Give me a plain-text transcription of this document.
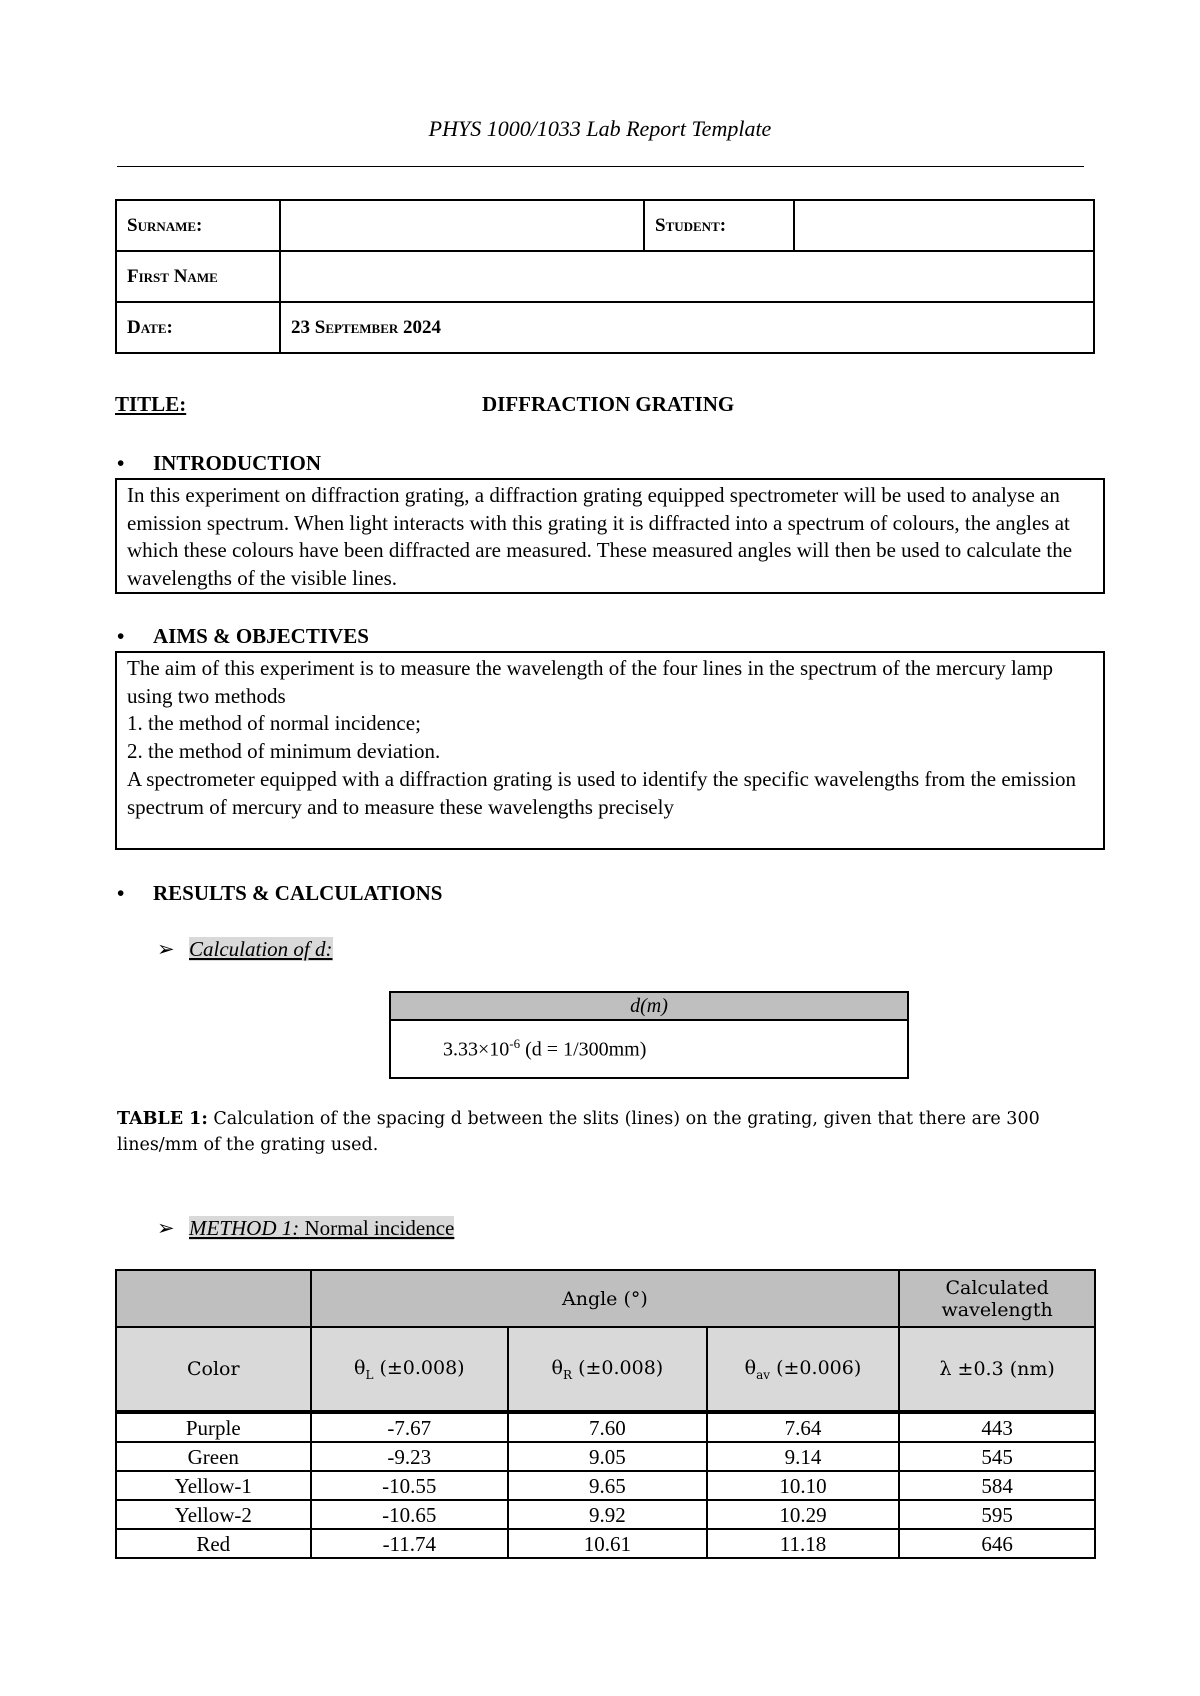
PHYS 1000/1033 Lab Report Template
Surname:		Student:	
First Name			
Date:	23 September 2024		
TITLE:	DIFFRACTION GRATING
• INTRODUCTION
In this experiment on diffraction grating, a diffraction grating equipped spectrometer will be used to analyse an emission spectrum. When light interacts with this grating it is diffracted into a spectrum of colours, the angles at which these colours have been diffracted are measured. These measured angles will then be used to calculate the wavelengths of the visible lines.
• AIMS & OBJECTIVES
The aim of this experiment is to measure the wavelength of the four lines in the spectrum of the mercury lamp using two methods
1. the method of normal incidence;
2. the method of minimum deviation.
A spectrometer equipped with a diffraction grating is used to identify the specific wavelengths from the emission spectrum of mercury and to measure these wavelengths precisely
• RESULTS & CALCULATIONS
➢ Calculation of d:
d(m)
$3.33\times 10^{-6}$ (d = 1/300mm)
TABLE 1: Calculation of the spacing d between the slits (lines) on the grating, given that there are 300 lines/mm of the grating used.
➢ METHOD 1: Normal incidence
	Angle (°)			Calculated wavelength
Color	$\theta_L$ (±0.008)	$\theta_R$ (±0.008)	$\theta_{av}$ (±0.006)	λ ±0.3 (nm)
Purple	-7.67	7.60	7.64	443
Green	-9.23	9.05	9.14	545
Yellow-1	-10.55	9.65	10.10	584
Yellow-2	-10.65	9.92	10.29	595
Red	-11.74	10.61	11.18	646
